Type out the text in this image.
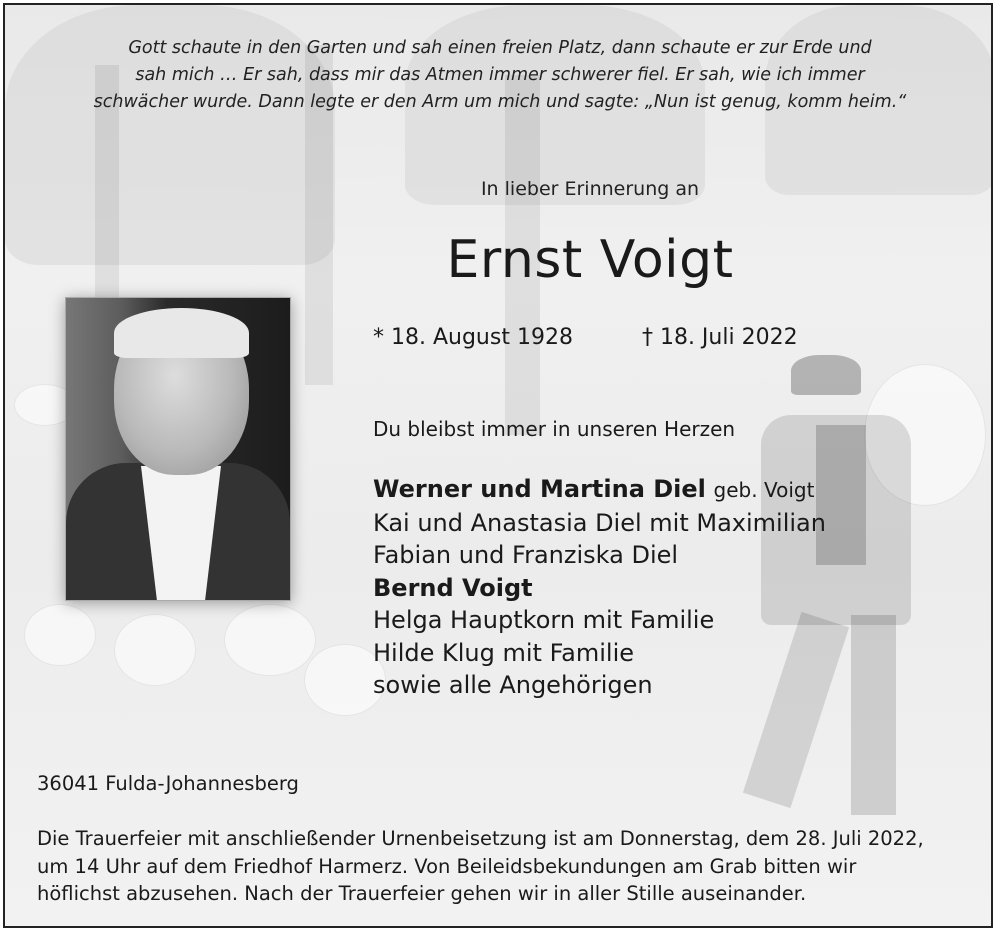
Gott schaute in den Garten und sah einen freien Platz, dann schaute er zur Erde und
sah mich … Er sah, dass mir das Atmen immer schwerer fiel. Er sah, wie ich immer
schwächer wurde. Dann legte er den Arm um mich und sagte: „Nun ist genug, komm heim.“
In lieber Erinnerung an
Ernst Voigt
* 18. August 1928	† 18. Juli 2022
Du bleibst immer in unseren Herzen
Werner und Martina Diel geb. Voigt
Kai und Anastasia Diel mit Maximilian
Fabian und Franziska Diel
Bernd Voigt
Helga Hauptkorn mit Familie
Hilde Klug mit Familie
sowie alle Angehörigen
36041 Fulda-Johannesberg
Die Trauerfeier mit anschließender Urnenbeisetzung ist am Donnerstag, dem 28. Juli 2022,
um 14 Uhr auf dem Friedhof Harmerz. Von Beileidsbekundungen am Grab bitten wir
höflichst abzusehen. Nach der Trauerfeier gehen wir in aller Stille auseinander.
